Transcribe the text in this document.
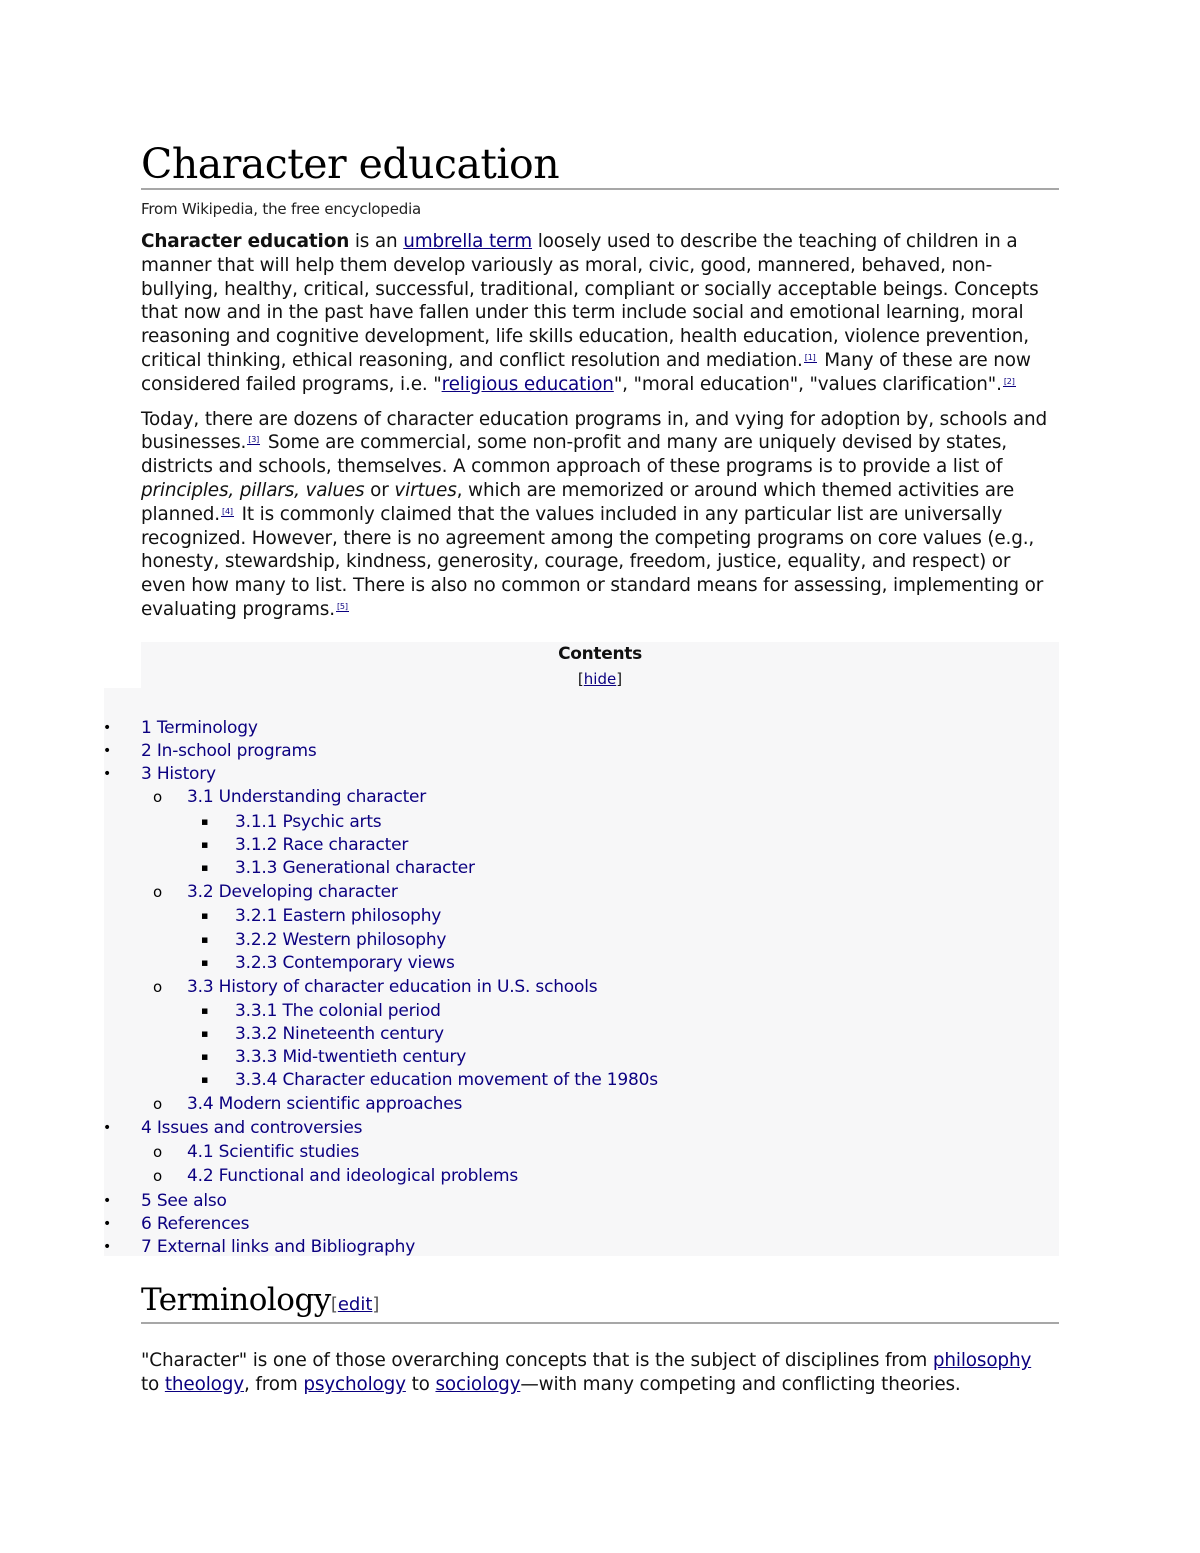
Character education
From Wikipedia, the free encyclopedia

Character education is an umbrella term loosely used to describe the teaching of children in a manner that will help them develop variously as moral, civic, good, mannered, behaved, non-bullying, healthy, critical, successful, traditional, compliant or socially acceptable beings. Concepts that now and in the past have fallen under this term include social and emotional learning, moral reasoning and cognitive development, life skills education, health education, violence prevention, critical thinking, ethical reasoning, and conflict resolution and mediation. [1] Many of these are now considered failed programs, i.e. "religious education", "moral education", "values clarification". [2]

Today, there are dozens of character education programs in, and vying for adoption by, schools and businesses. [3] Some are commercial, some non-profit and many are uniquely devised by states, districts and schools, themselves. A common approach of these programs is to provide a list of principles, pillars, values or virtues, which are memorized or around which themed activities are planned. [4] It is commonly claimed that the values included in any particular list are universally recognized. However, there is no agreement among the competing programs on core values (e.g., honesty, stewardship, kindness, generosity, courage, freedom, justice, equality, and respect) or even how many to list. There is also no common or standard means for assessing, implementing or evaluating programs. [5]

Contents
[hide]
• 1 Terminology
• 2 In-school programs
• 3 History
o 3.1 Understanding character
▪ 3.1.1 Psychic arts
▪ 3.1.2 Race character
▪ 3.1.3 Generational character
o 3.2 Developing character
▪ 3.2.1 Eastern philosophy
▪ 3.2.2 Western philosophy
▪ 3.2.3 Contemporary views
o 3.3 History of character education in U.S. schools
▪ 3.3.1 The colonial period
▪ 3.3.2 Nineteenth century
▪ 3.3.3 Mid-twentieth century
▪ 3.3.4 Character education movement of the 1980s
o 3.4 Modern scientific approaches
• 4 Issues and controversies
o 4.1 Scientific studies
o 4.2 Functional and ideological problems
• 5 See also
• 6 References
• 7 External links and Bibliography
Terminology[edit]

"Character" is one of those overarching concepts that is the subject of disciplines from philosophy to theology, from psychology to sociology—with many competing and conflicting theories.
